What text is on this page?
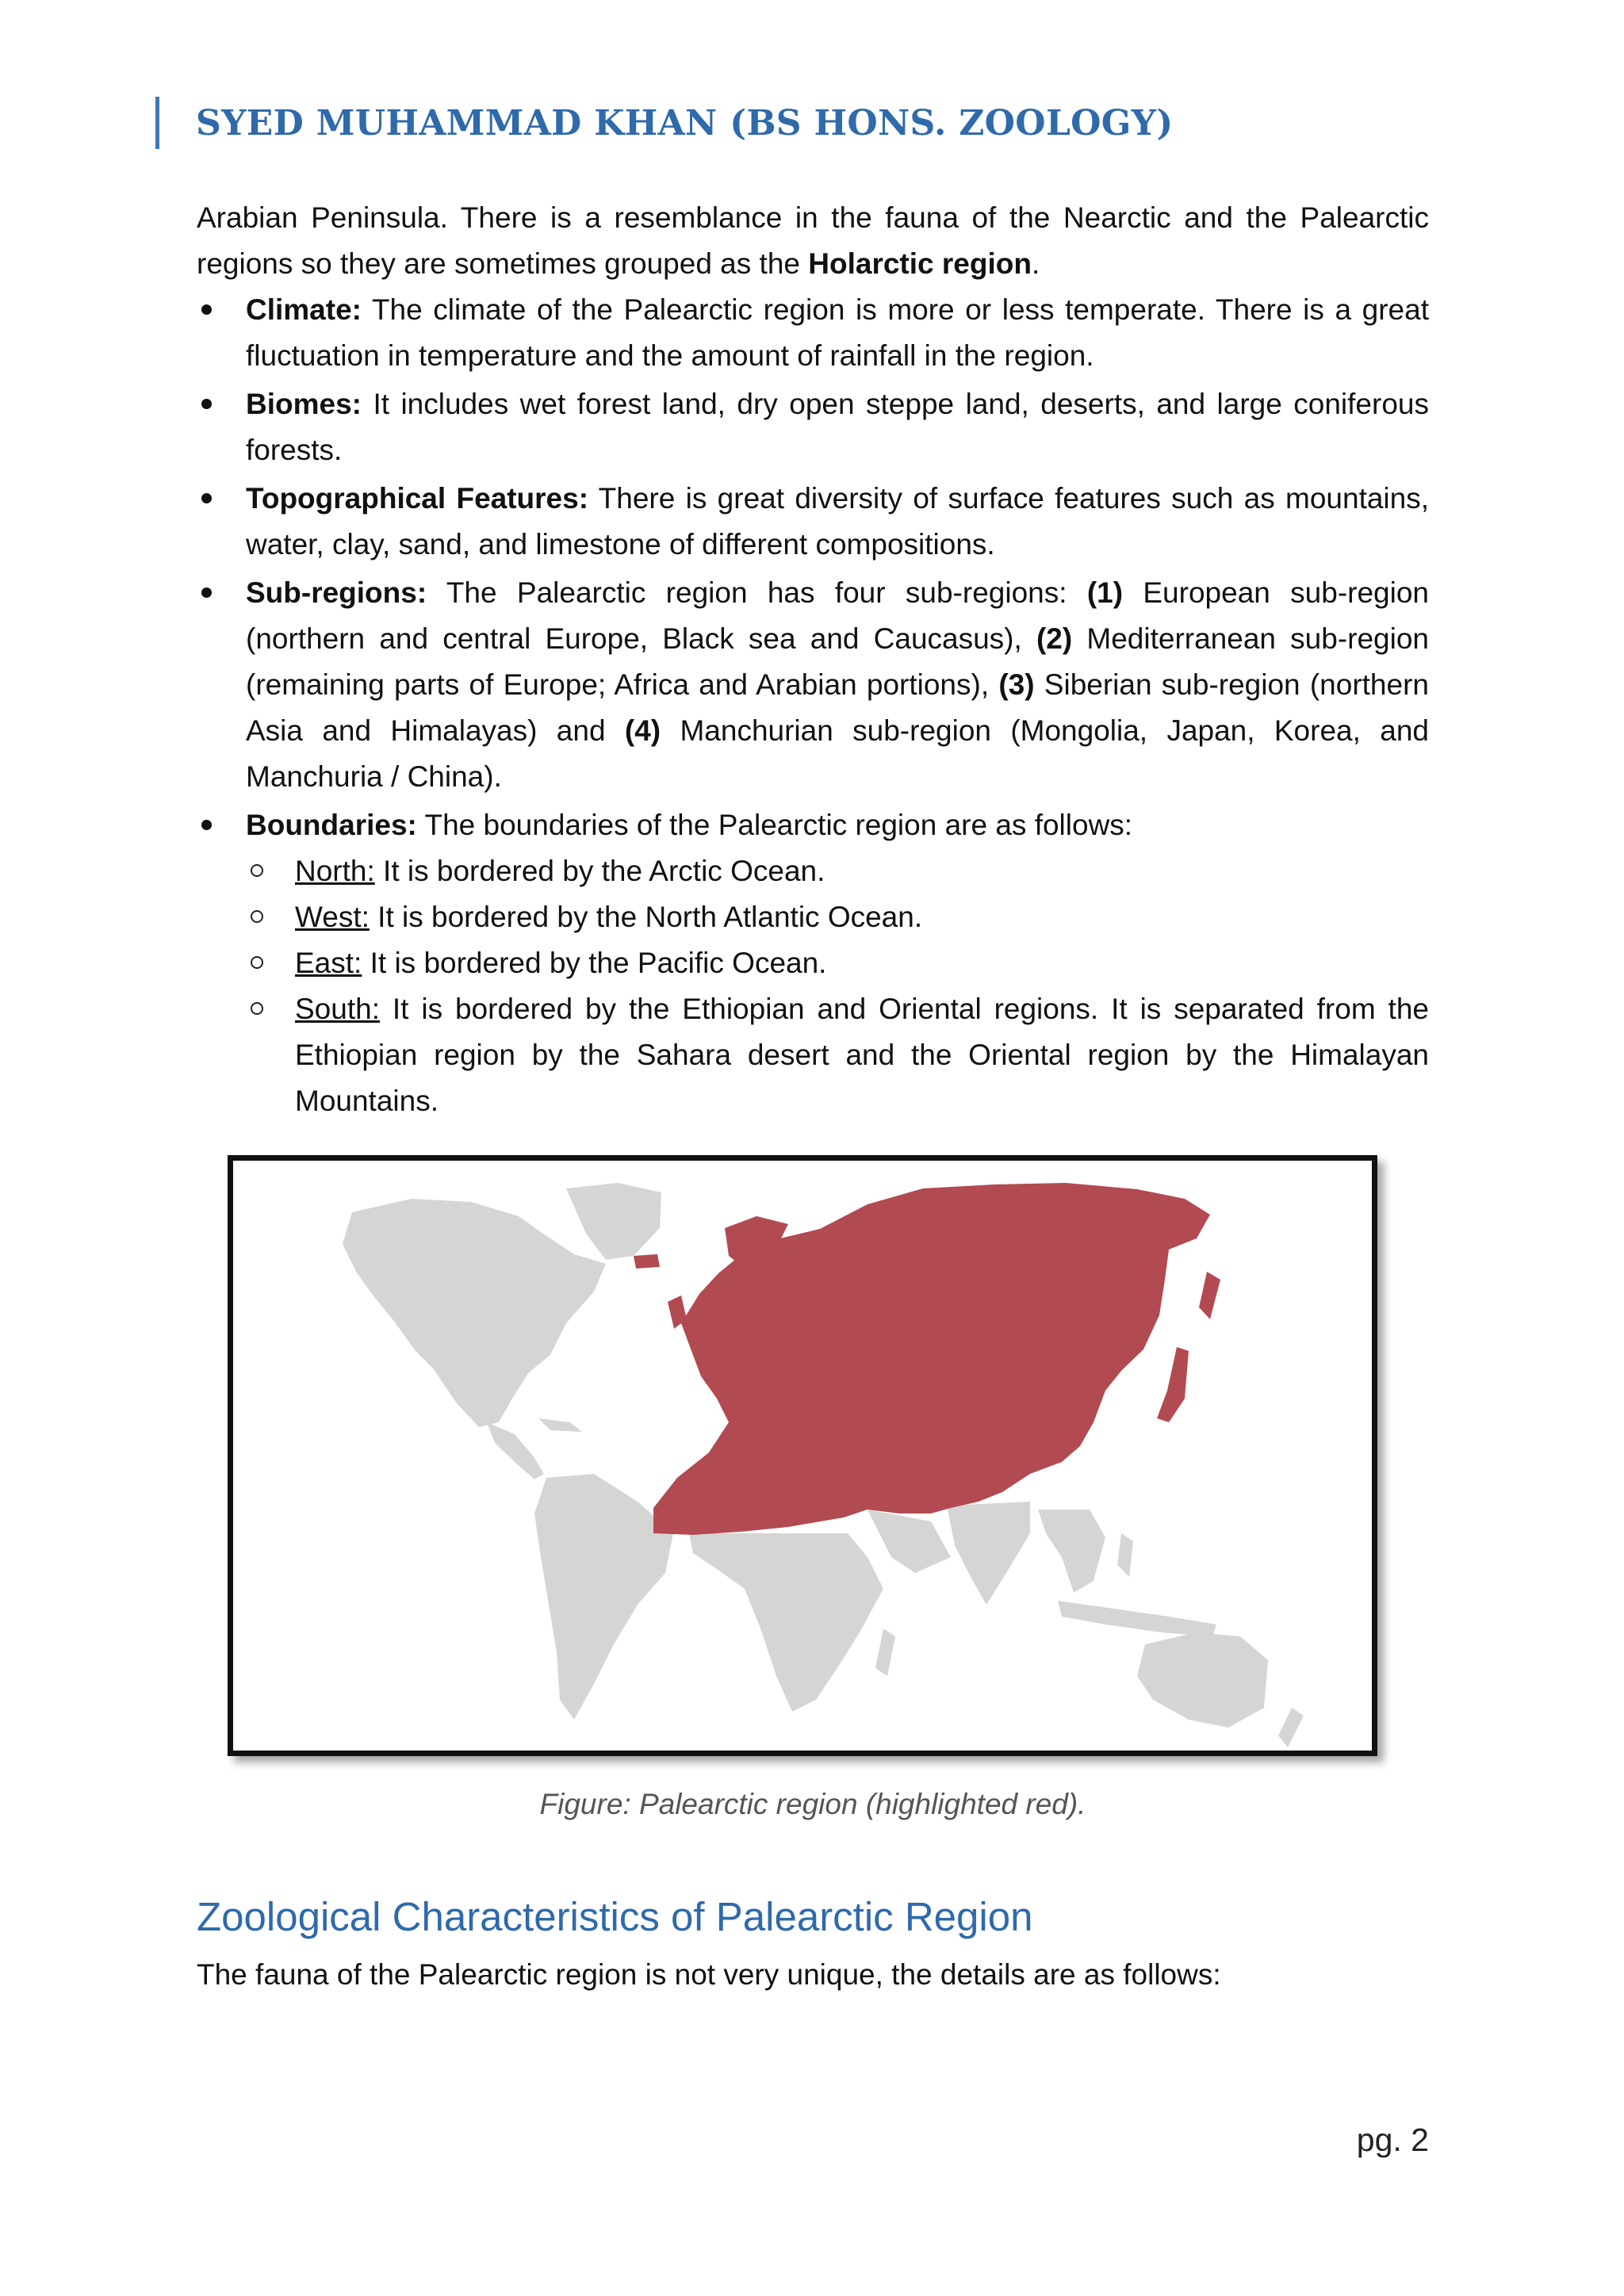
SYED MUHAMMAD KHAN (BS HONS. ZOOLOGY)
Arabian Peninsula. There is a resemblance in the fauna of the Nearctic and the Palearctic regions so they are sometimes grouped as the Holarctic region.
Climate: The climate of the Palearctic region is more or less temperate. There is a great fluctuation in temperature and the amount of rainfall in the region.
Biomes: It includes wet forest land, dry open steppe land, deserts, and large coniferous forests.
Topographical Features: There is great diversity of surface features such as mountains, water, clay, sand, and limestone of different compositions.
Sub-regions: The Palearctic region has four sub-regions: (1) European sub-region (northern and central Europe, Black sea and Caucasus), (2) Mediterranean sub-region (remaining parts of Europe; Africa and Arabian portions), (3) Siberian sub-region (northern Asia and Himalayas) and (4) Manchurian sub-region (Mongolia, Japan, Korea, and Manchuria / China).
Boundaries: The boundaries of the Palearctic region are as follows:
North: It is bordered by the Arctic Ocean.
West: It is bordered by the North Atlantic Ocean.
East: It is bordered by the Pacific Ocean.
South: It is bordered by the Ethiopian and Oriental regions. It is separated from the Ethiopian region by the Sahara desert and the Oriental region by the Himalayan Mountains.
Figure: Palearctic region (highlighted red).
Zoological Characteristics of Palearctic Region
The fauna of the Palearctic region is not very unique, the details are as follows:
pg. 2
